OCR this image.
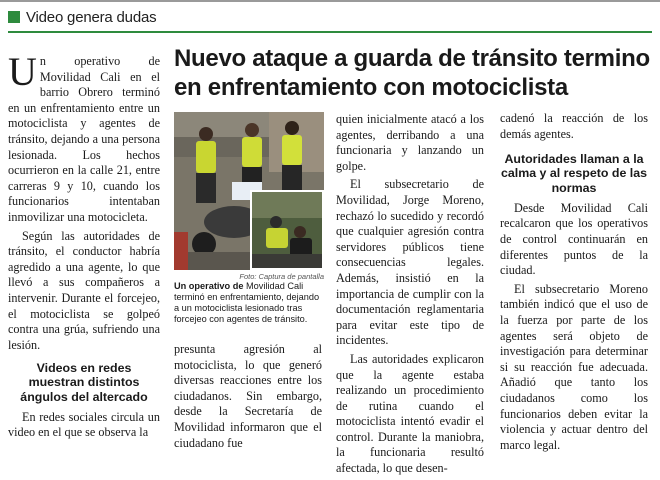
Video genera dudas
Nuevo ataque a guarda de tránsito termino en enfrentamiento con motociclista

Un operativo de Movilidad Cali en el barrio Obrero terminó en un enfrentamiento entre un motociclista y agentes de tránsito, dejando a una persona lesionada. Los hechos ocurrieron en la calle 21, entre carreras 9 y 10, cuando los funcionarios intentaban inmovilizar una motocicleta.

Según las autoridades de tránsito, el conductor habría agredido a una agente, lo que llevó a sus compañeros a intervenir. Durante el forcejeo, el motociclista se golpeó contra una grúa, sufriendo una lesión.

Videos en redes muestran distintos ángulos del altercado

En redes sociales circula un video en el que se observa la

Foto: Captura de pantalla
Un operativo de Movilidad Cali terminó en enfrentamiento, dejando a un motociclista lesionado tras forcejeo con agentes de tránsito.

presunta agresión al motociclista, lo que generó diversas reacciones entre los ciudadanos. Sin embargo, desde la Secretaría de Movilidad informaron que el ciudadano fue

quien inicialmente atacó a los agentes, derribando a una funcionaria y lanzando un golpe.

El subsecretario de Movilidad, Jorge Moreno, rechazó lo sucedido y recordó que cualquier agresión contra servidores públicos tiene consecuencias legales. Además, insistió en la importancia de cumplir con la documentación reglamentaria para evitar este tipo de incidentes.

Las autoridades explicaron que la agente estaba realizando un procedimiento de rutina cuando el motociclista intentó evadir el control. Durante la maniobra, la funcionaria resultó afectada, lo que desen-

cadenó la reacción de los demás agentes.

Autoridades llaman a la calma y al respeto de las normas

Desde Movilidad Cali recalcaron que los operativos de control continuarán en diferentes puntos de la ciudad.

El subsecretario Moreno también indicó que el uso de la fuerza por parte de los agentes será objeto de investigación para determinar si su reacción fue adecuada. Añadió que tanto los ciudadanos como los funcionarios deben evitar la violencia y actuar dentro del marco legal.
